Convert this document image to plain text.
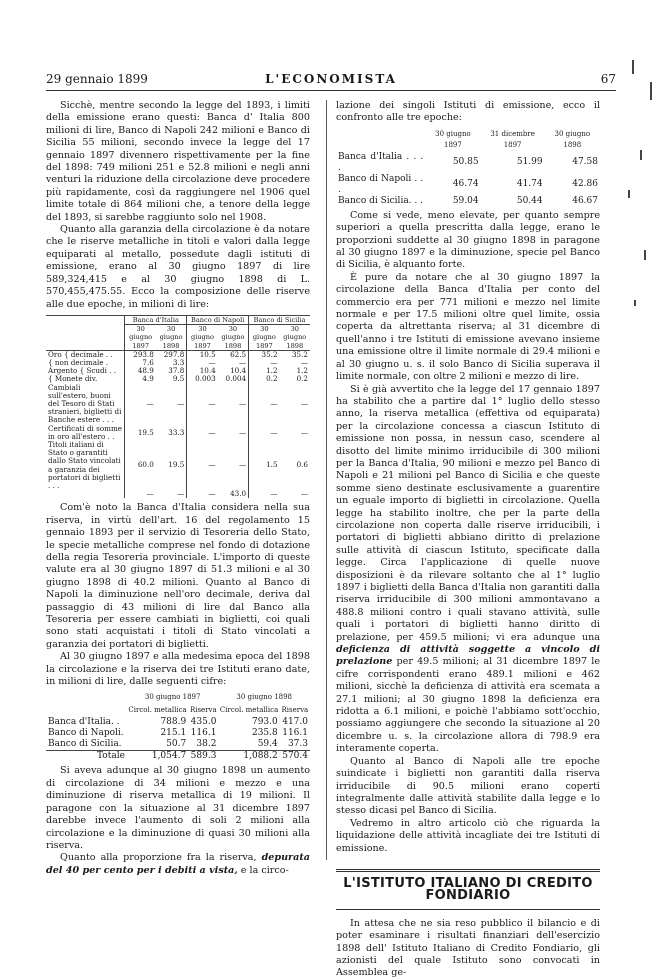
29 gennaio 1899	L'ECONOMISTA	67

Sicchè, mentre secondo la legge del 1893, i limiti della emissione erano questi: Banca d' Italia 800 milioni di lire, Banco di Napoli 242 milioni e Banco di Sicilia 55 milioni, secondo invece la legge del 17 gennaio 1897 divennero rispettivamente per la fine del 1898: 749 milioni 251 e 52.8 milioni e negli anni venturi la riduzione della circolazione deve procedere più rapidamente, così da raggiungere nel 1906 quel limite totale di 864 milioni che, a tenore della legge del 1893, si sarebbe raggiunto solo nel 1908.

Quanto alla garanzia della circolazione è da notare che le riserve metalliche in titoli e valori dalla legge equiparati al metallo, possedute dagli istituti di emissione, erano al 30 giugno 1897 di lire 589,324,415 e al 30 giugno 1898 di L. 570,455,475.55. Ecco la composizione delle riserve alle due epoche, in milioni di lire:

	Banca d'Italia		Banco di Napoli		Banco di Sicilia	
	30 giugno 1897	30 giugno 1898	30 giugno 1897	30 giugno 1898	30 giugno 1897	30 giugno 1898
Oro { decimale . .	293.8	297.8	10.5	62.5	35.2	35.2
{ non decimale .	7.6	3.3	—	—	—	—
Argento { Scudi . .	48.9	37.8	10.4	10.4	1.2	1.2
{ Monete div.	4.9	9.5	0.003	0.004	0.2	0.2
Cambiali sull'estero, buoni del Tesoro di Stati stranieri, biglietti di Banche estere . . .	—	—	—	—	—	—
Certificati di somme in oro all'estero . .	19.5	33.3	—	—	—	—
Titoli italiani di Stato o garantiti dallo Stato vincolati a garanzia dei portatori di biglietti . . .	60.0	19.5	—	—	1.5	0.6
	—	—	—	43.0	—	—

Com'è noto la Banca d'Italia considera nella sua riserva, in virtù dell'art. 16 del regolamento 15 gennaio 1893 per il servizio di Tesoreria dello Stato, le specie metalliche comprese nel fondo di dotazione della regia Tesoreria provinciale. L'importo di queste valute era al 30 giugno 1897 di 51.3 milioni e al 30 giugno 1898 di 40.2 milioni. Quanto al Banco di Napoli la diminuzione nell'oro decimale, deriva dal passaggio di 43 milioni di lire dal Banco alla Tesoreria per essere cambiati in biglietti, coi quali sono stati acquistati i titoli di Stato vincolati a garanzia dei portatori di biglietti.

Al 30 giugno 1897 e alla medesima epoca del 1898 la circolazione e la riserva dei tre Istituti erano date, in milioni di lire, dalle seguenti cifre:

	30 giugno 1897		30 giugno 1898	
	Circol. metallica	Riserva	Circol. metallica	Riserva
Banca d'Italia. .	788.9	435.0	793.0	417.0
Banco di Napoli.	215.1	116.1	235.8	116.1
Banco di Sicilia.	50.7	38.2	59.4	37.3
Totale	1,054.7	589.3	1,088.2	570.4

Si aveva adunque al 30 giugno 1898 un aumento di circolazione di 34 milioni e mezzo e una diminuzione di riserva metallica di 19 milioni. Il paragone con la situazione al 31 dicembre 1897 darebbe invece l'aumento di soli 2 milioni alla circolazione e la diminuzione di quasi 30 milioni alla riserva.

Quanto alla proporzione fra la riserva, depurata del 40 per cento per i debiti a vista, e la circo-

lazione dei singoli Istituti di emissione, ecco il confronto alle tre epoche:

	30 giugno 1897	31 dicembre 1897	30 giugno 1898
Banca d'Italia . . . .	50.85	51.99	47.58
Banco di Napoli . . .	46.74	41.74	42.86
Banco di Sicilia. . .	59.04	50.44	46.67

Come si vede, meno elevate, per quanto sempre superiori a quella prescritta dalla legge, erano le proporzioni suddette al 30 giugno 1898 in paragone al 30 giugno 1897 e la diminuzione, specie pel Banco di Sicilia, è alquanto forte.

È pure da notare che al 30 giugno 1897 la circolazione della Banca d'Italia per conto del commercio era per 771 milioni e mezzo nel limite normale e per 17.5 milioni oltre quel limite, ossia coperta da altrettanta riserva; al 31 dicembre di quell'anno i tre Istituti di emissione avevano insieme una emissione oltre il limite normale di 29.4 milioni e al 30 giugno u. s. il solo Banco di Sicilia superava il limite normale, con oltre 2 milioni e mezzo di lire.

Si è già avvertito che la legge del 17 gennaio 1897 ha stabilito che a partire dal 1° luglio dello stesso anno, la riserva metallica (effettiva od equiparata) per la circolazione concessa a ciascun Istituto di emissione non possa, in nessun caso, scendere al disotto del limite minimo irriducibile di 300 milioni per la Banca d'Italia, 90 milioni e mezzo pel Banco di Napoli e 21 milioni pel Banco di Sicilia e che queste somme sieno destinate esclusivamente a guarentire un eguale importo di biglietti in circolazione. Quella legge ha stabilito inoltre, che per la parte della circolazione non coperta dalle riserve irriducibili, i portatori di biglietti abbiano diritto di prelazione sulle attività di ciascun Istituto, specificate dalla legge. Circa l'applicazione di quelle nuove disposizioni è da rilevare soltanto che al 1° luglio 1897 i biglietti della Banca d'Italia non garantiti dalla riserva irriducibile di 300 milioni ammontavano a 488.8 milioni contro i quali stavano attività, sulle quali i portatori di biglietti hanno diritto di prelazione, per 459.5 milioni; vi era adunque una deficienza di attività soggette a vincolo di prelazione per 49.5 milioni; al 31 dicembre 1897 le cifre corrispondenti erano 489.1 milioni e 462 milioni, sicchè la deficienza di attività era scemata a 27.1 milioni; al 30 giugno 1898 la deficienza era ridotta a 6.1 milioni, e poichè l'abbiamo sott'occhio, possiamo aggiungere che secondo la situazione al 20 dicembre u. s. la circolazione allora di 798.9 era interamente coperta.

Quanto al Banco di Napoli alle tre epoche suindicate i biglietti non garantiti dalla riserva irriducibile di 90.5 milioni erano coperti integralmente dalle attività stabilite dalla legge e lo stesso dicasi pel Banco di Sicilia.

Vedremo in altro articolo ciò che riguarda la liquidazione delle attività incagliate dei tre Istituti di emissione.

L'ISTITUTO ITALIANO DI CREDITO FONDIARIO

In attesa che ne sia reso pubblico il bilancio e di poter esaminare i risultati finanziari dell'esercizio 1898 dell' Istituto Italiano di Credito Fondiario, gli azionisti del quale Istituto sono convocati in Assemblea ge-
